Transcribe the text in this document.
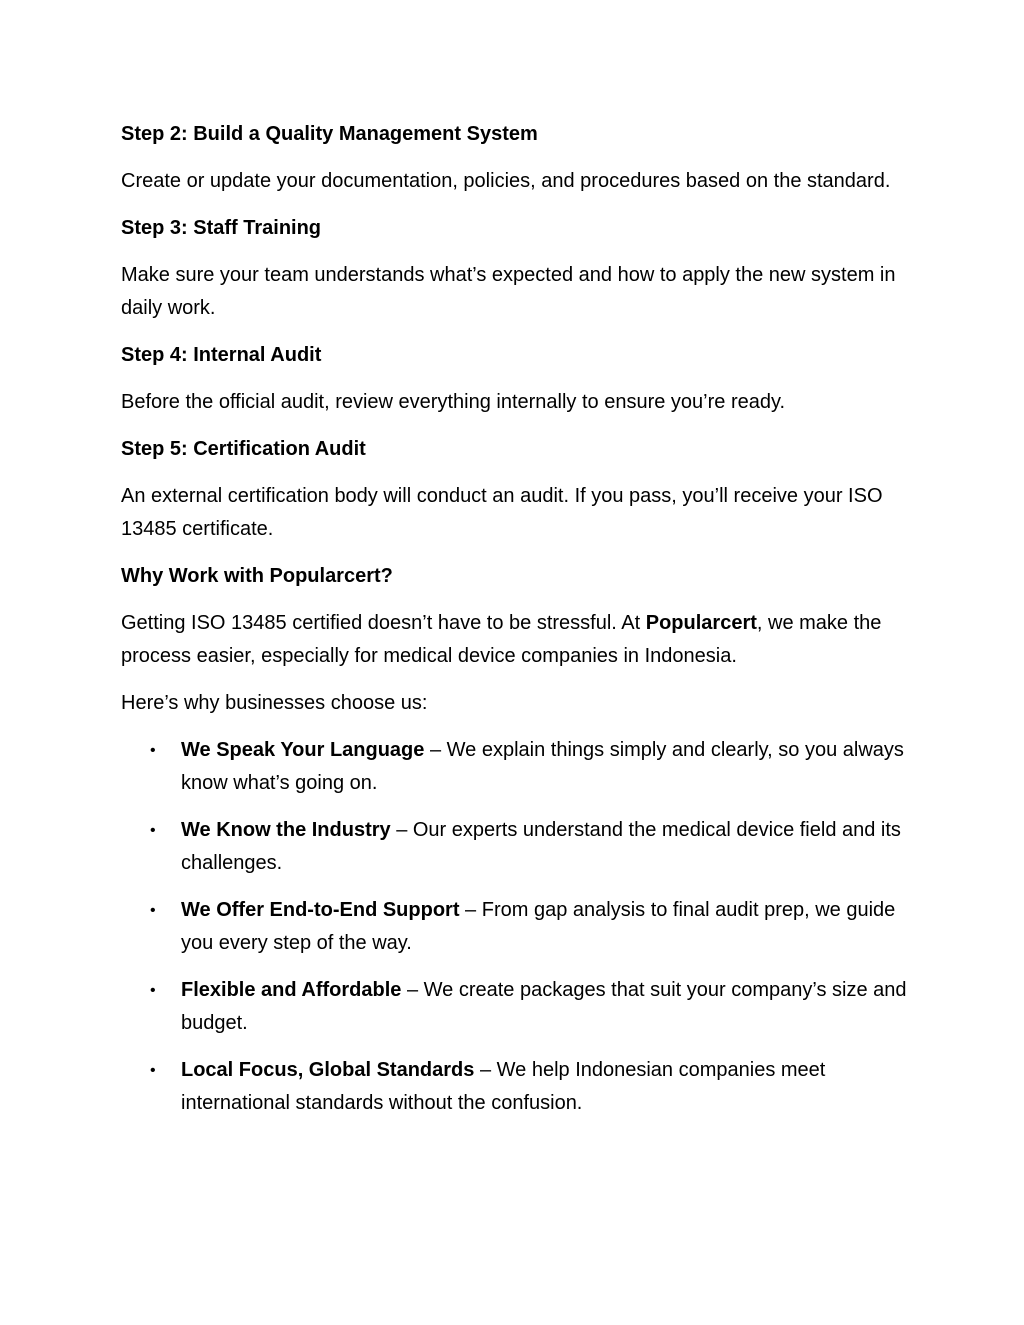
Step 2: Build a Quality Management System
Create or update your documentation, policies, and procedures based on the standard.
Step 3: Staff Training
Make sure your team understands what’s expected and how to apply the new system in daily work.
Step 4: Internal Audit
Before the official audit, review everything internally to ensure you’re ready.
Step 5: Certification Audit
An external certification body will conduct an audit. If you pass, you’ll receive your ISO 13485 certificate.
Why Work with Popularcert?
Getting ISO 13485 certified doesn’t have to be stressful. At Popularcert, we make the process easier, especially for medical device companies in Indonesia.
Here’s why businesses choose us:
• We Speak Your Language – We explain things simply and clearly, so you always know what’s going on.
• We Know the Industry – Our experts understand the medical device field and its challenges.
• We Offer End-to-End Support – From gap analysis to final audit prep, we guide you every step of the way.
• Flexible and Affordable – We create packages that suit your company’s size and budget.
• Local Focus, Global Standards – We help Indonesian companies meet international standards without the confusion.
